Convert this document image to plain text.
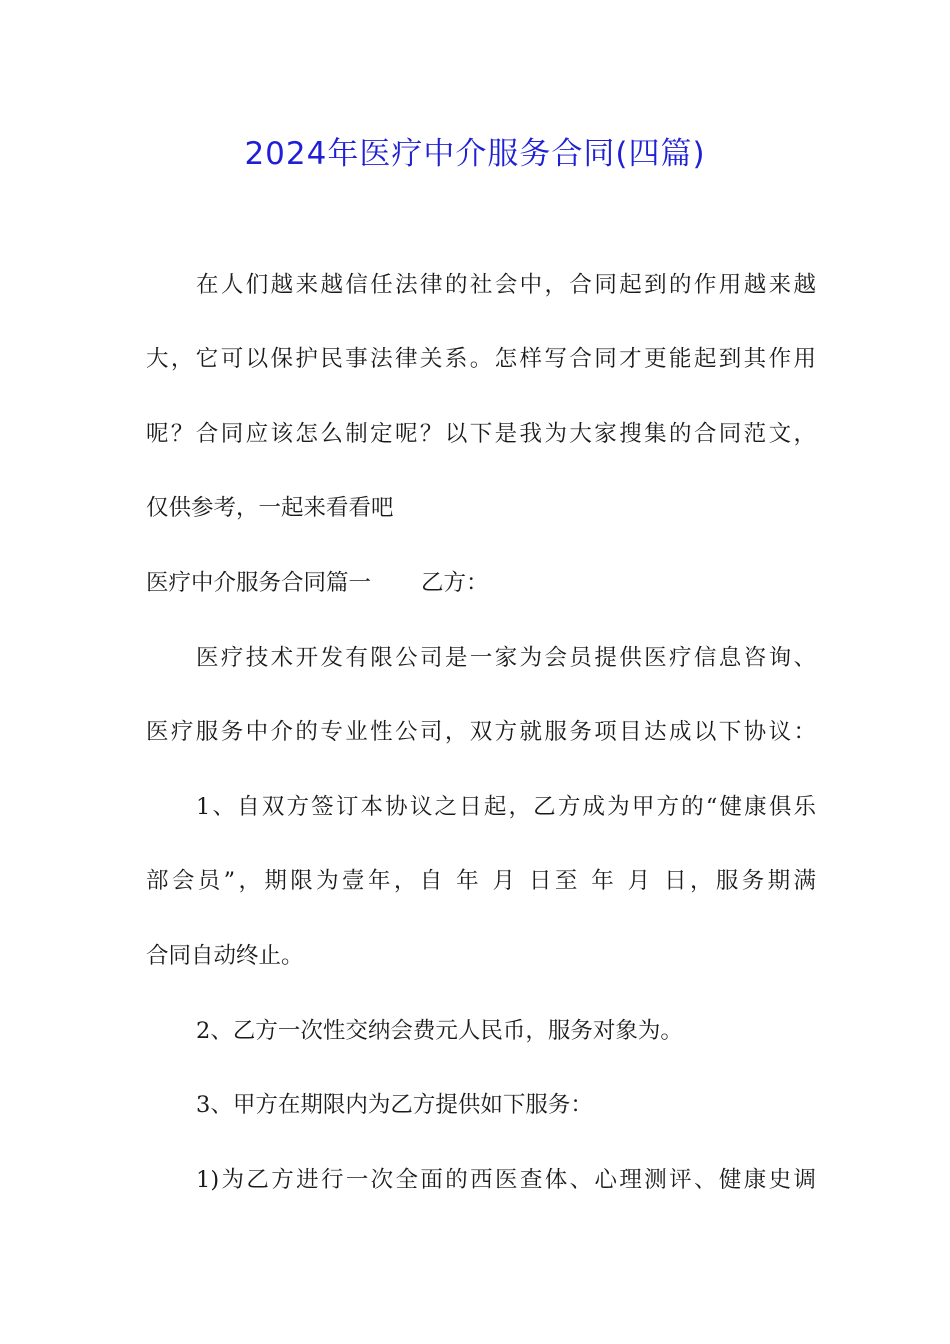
2024年医疗中介服务合同(四篇)
在人们越来越信任法律的社会中，合同起到的作用越来越
大，它可以保护民事法律关系。怎样写合同才更能起到其作用
呢？合同应该怎么制定呢？以下是我为大家搜集的合同范文，
仅供参考，一起来看看吧
医疗中介服务合同篇一 乙方：
医疗技术开发有限公司是一家为会员提供医疗信息咨询、
医疗服务中介的专业性公司，双方就服务项目达成以下协议：
1、自双方签订本协议之日起，乙方成为甲方的“健康俱乐
部会员”，期限为壹年，自 年 月 日至 年 月 日，服务期满
合同自动终止。
2、乙方一次性交纳会费元人民币，服务对象为。
3、甲方在期限内为乙方提供如下服务：
1)为乙方进行一次全面的西医查体、心理测评、健康史调
